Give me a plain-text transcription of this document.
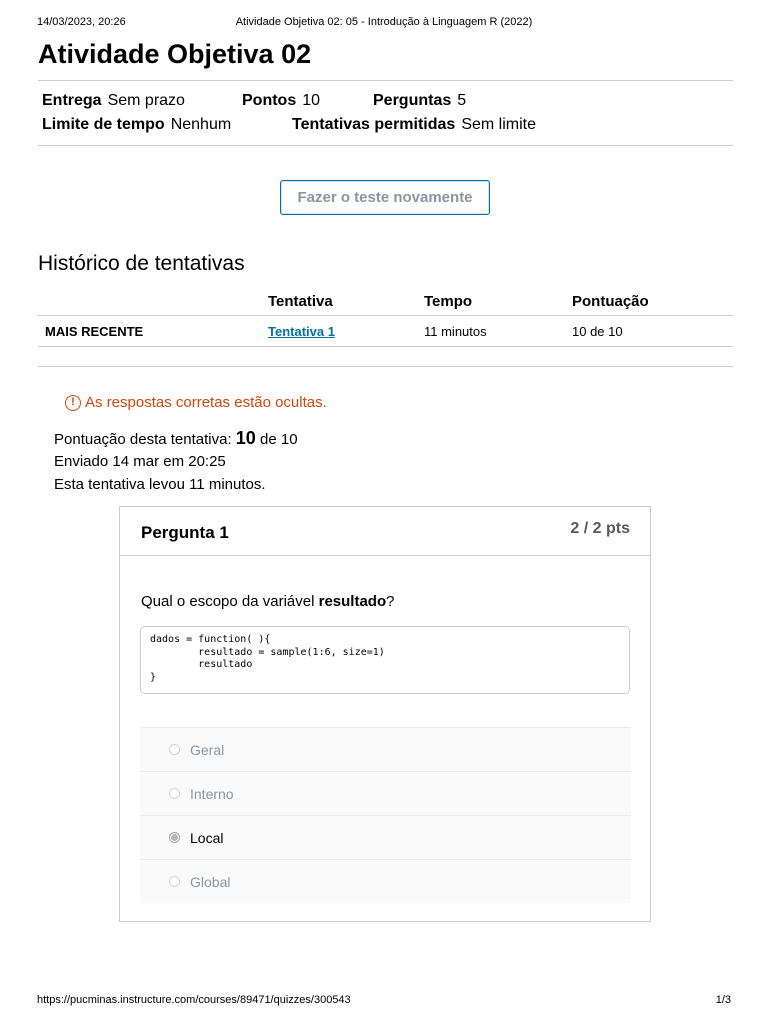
14/03/2023, 20:26	Atividade Objetiva 02: 05 - Introdução à Linguagem R (2022)
Atividade Objetiva 02
Entrega Sem prazo	Pontos 10	Perguntas 5
Limite de tempo Nenhum	Tentativas permitidas Sem limite
Fazer o teste novamente
Histórico de tentativas
	Tentativa	Tempo	Pontuação
MAIS RECENTE	Tentativa 1	11 minutos	10 de 10

! As respostas corretas estão ocultas.
Pontuação desta tentativa: 10 de 10
Enviado 14 mar em 20:25
Esta tentativa levou 11 minutos.
Pergunta 1	2 / 2 pts
Qual o escopo da variável resultado?
dados = function( ){
resultado = sample(1:6, size=1)
resultado
}
Geral
Interno
Local
Global
https://pucminas.instructure.com/courses/89471/quizzes/300543	1/3
